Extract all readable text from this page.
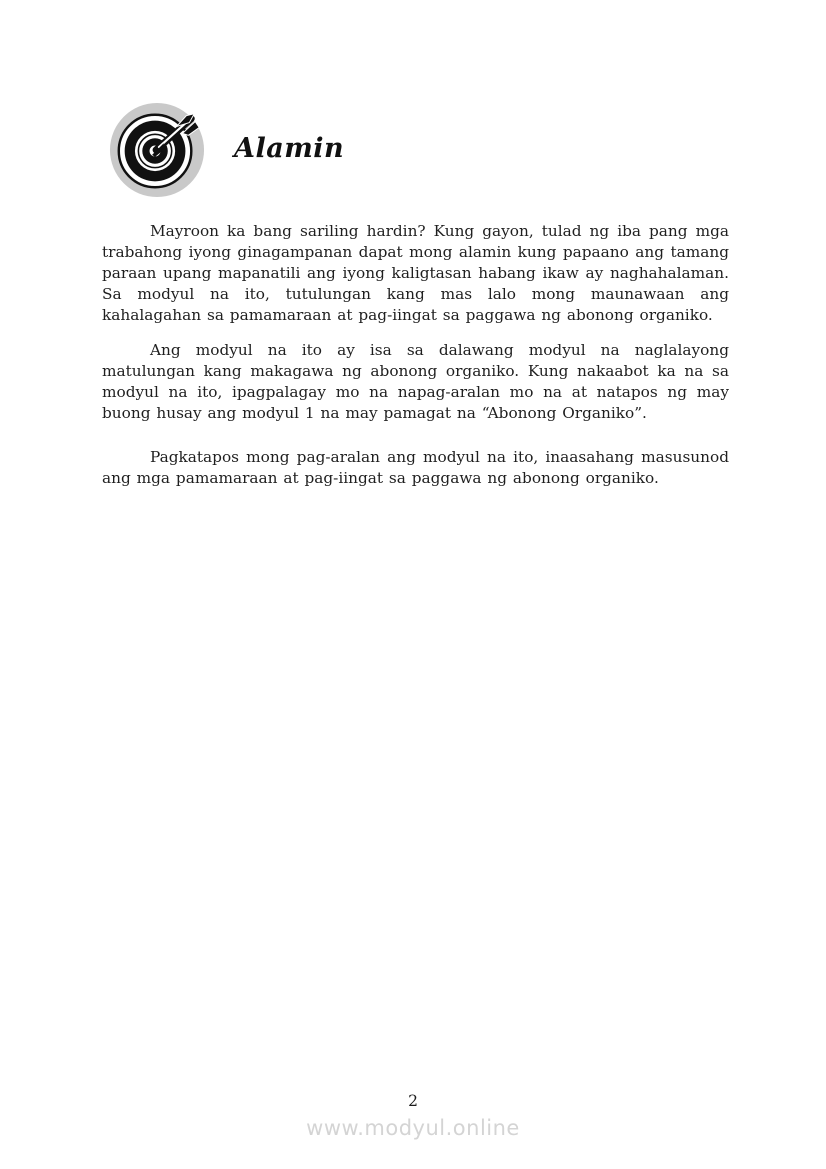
Alamin

Mayroon ka bang sariling hardin? Kung gayon, tulad ng iba pang mga trabahong iyong ginagampanan dapat mong alamin kung papaano ang tamang paraan upang mapanatili ang iyong kaligtasan habang ikaw ay naghahalaman. Sa modyul na ito, tutulungan kang mas lalo mong maunawaan ang kahalagahan sa pamamaraan at pag-iingat sa paggawa ng abonong organiko.

Ang modyul na ito ay isa sa dalawang modyul na naglalayong matulungan kang makagawa ng abonong organiko. Kung nakaabot ka na sa modyul na ito, ipagpalagay mo na napag-aralan mo na at natapos ng may buong husay ang modyul 1 na may pamagat na “Abonong Organiko”.

Pagkatapos mong pag-aralan ang modyul na ito, inaasahang masusunod ang mga pamamaraan at pag-iingat sa paggawa ng abonong organiko.

2
www.modyul.online
